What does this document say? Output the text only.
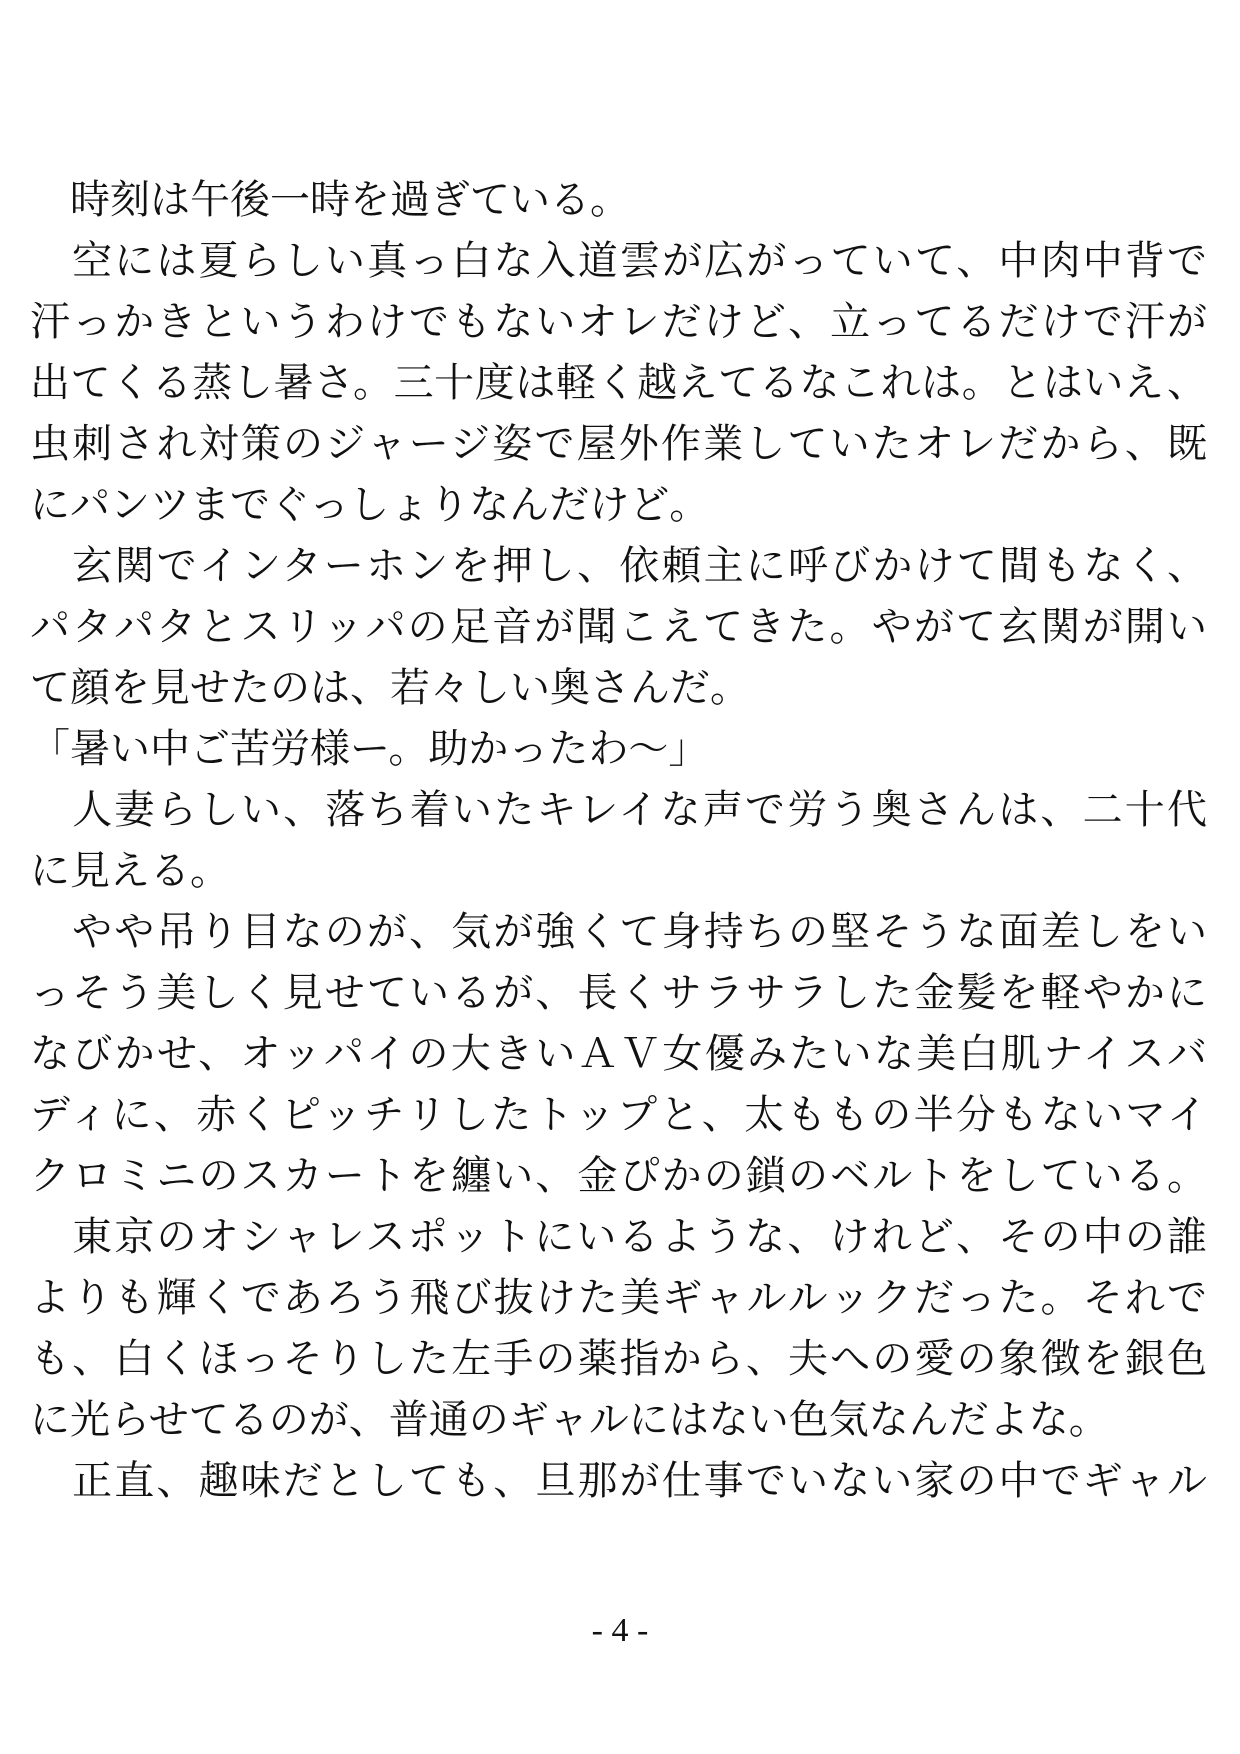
　時刻は午後一時を過ぎている。
　空には夏らしい真っ白な入道雲が広がっていて、中肉中背で
汗っかきというわけでもないオレだけど、立ってるだけで汗が
出てくる蒸し暑さ。三十度は軽く越えてるなこれは。とはいえ、
虫刺され対策のジャージ姿で屋外作業していたオレだから、既
にパンツまでぐっしょりなんだけど。
　玄関でインターホンを押し、依頼主に呼びかけて間もなく、
パタパタとスリッパの足音が聞こえてきた。やがて玄関が開い
て顔を見せたのは、若々しい奥さんだ。
「暑い中ご苦労様ー。助かったわ〜」
　人妻らしい、落ち着いたキレイな声で労う奥さんは、二十代
に見える。
　やや吊り目なのが、気が強くて身持ちの堅そうな面差しをい
っそう美しく見せているが、長くサラサラした金髪を軽やかに
なびかせ、オッパイの大きいＡＶ女優みたいな美白肌ナイスバ
ディに、赤くピッチリしたトップと、太ももの半分もないマイ
クロミニのスカートを纏い、金ぴかの鎖のベルトをしている。
　東京のオシャレスポットにいるような、けれど、その中の誰
よりも輝くであろう飛び抜けた美ギャルルックだった。それで
も、白くほっそりした左手の薬指から、夫への愛の象徴を銀色
に光らせてるのが、普通のギャルにはない色気なんだよな。
　正直、趣味だとしても、旦那が仕事でいない家の中でギャル
- 4 -
